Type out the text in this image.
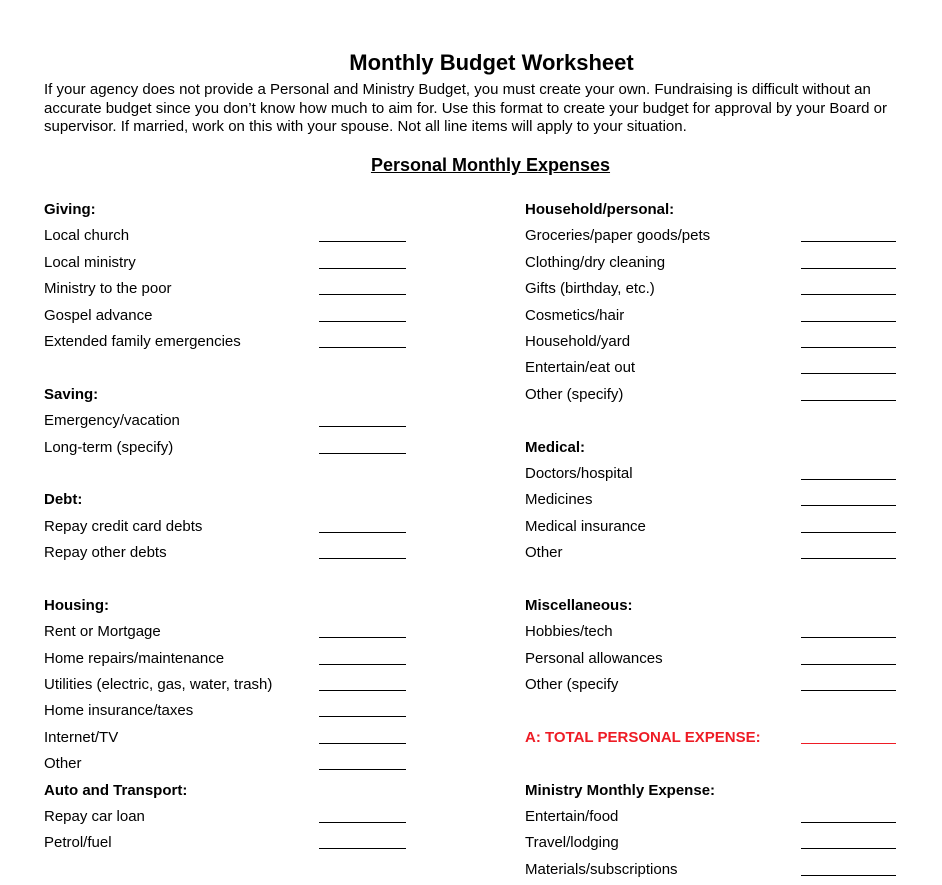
Monthly Budget Worksheet

If your agency does not provide a Personal and Ministry Budget, you must create your own. Fundraising is difficult without an accurate budget since you don’t know how much to aim for. Use this format to create your budget for approval by your Board or supervisor. If married, work on this with your spouse. Not all line items will apply to your situation.

Personal Monthly Expenses
Giving:
Local church
Local ministry
Ministry to the poor
Gospel advance
Extended family emergencies
Saving:
Emergency/vacation
Long-term (specify)
Debt:
Repay credit card debts
Repay other debts
Housing:
Rent or Mortgage
Home repairs/maintenance
Utilities (electric, gas, water, trash)
Home insurance/taxes
Internet/TV
Other
Auto and Transport:
Repay car loan
Petrol/fuel
Household/personal:
Groceries/paper goods/pets
Clothing/dry cleaning
Gifts (birthday, etc.)
Cosmetics/hair
Household/yard
Entertain/eat out
Other (specify)
Medical:
Doctors/hospital
Medicines
Medical insurance
Other
Miscellaneous:
Hobbies/tech
Personal allowances
Other (specify
A: TOTAL PERSONAL EXPENSE:
Ministry Monthly Expense:
Entertain/food
Travel/lodging
Materials/subscriptions
